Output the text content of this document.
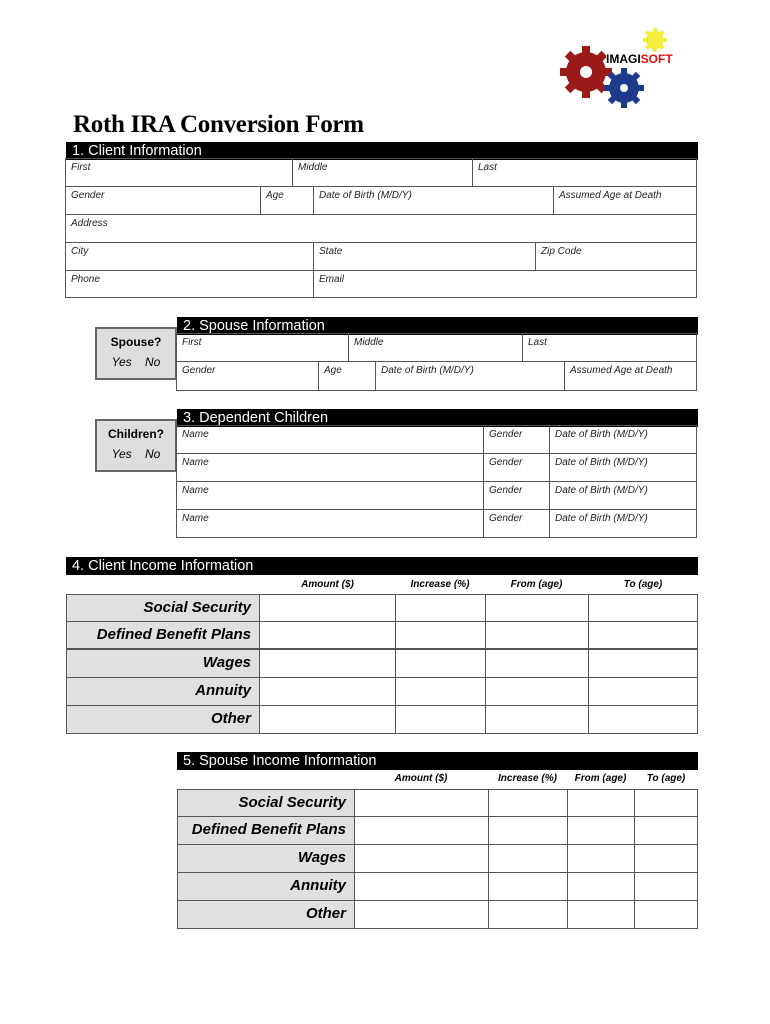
IMAGISOFT
Roth IRA Conversion Form
1. Client Information
First	Middle	Last
Gender	Age	Date of Birth (M/D/Y)	Assumed Age at Death
Address
City	State	Zip Code
Phone	Email
Spouse?
Yes No
2. Spouse Information
First	Middle	Last
Gender	Age	Date of Birth (M/D/Y)	Assumed Age at Death
Children?
Yes No
3. Dependent Children
Name	Gender	Date of Birth (M/D/Y)
Name	Gender	Date of Birth (M/D/Y)
Name	Gender	Date of Birth (M/D/Y)
Name	Gender	Date of Birth (M/D/Y)
4. Client Income Information
Amount ($)	Increase (%)	From (age)	To (age)
Social Security
Defined Benefit Plans
Wages
Annuity
Other
5. Spouse Income Information
Amount ($)	Increase (%)	From (age)	To (age)
Social Security
Defined Benefit Plans
Wages
Annuity
Other
